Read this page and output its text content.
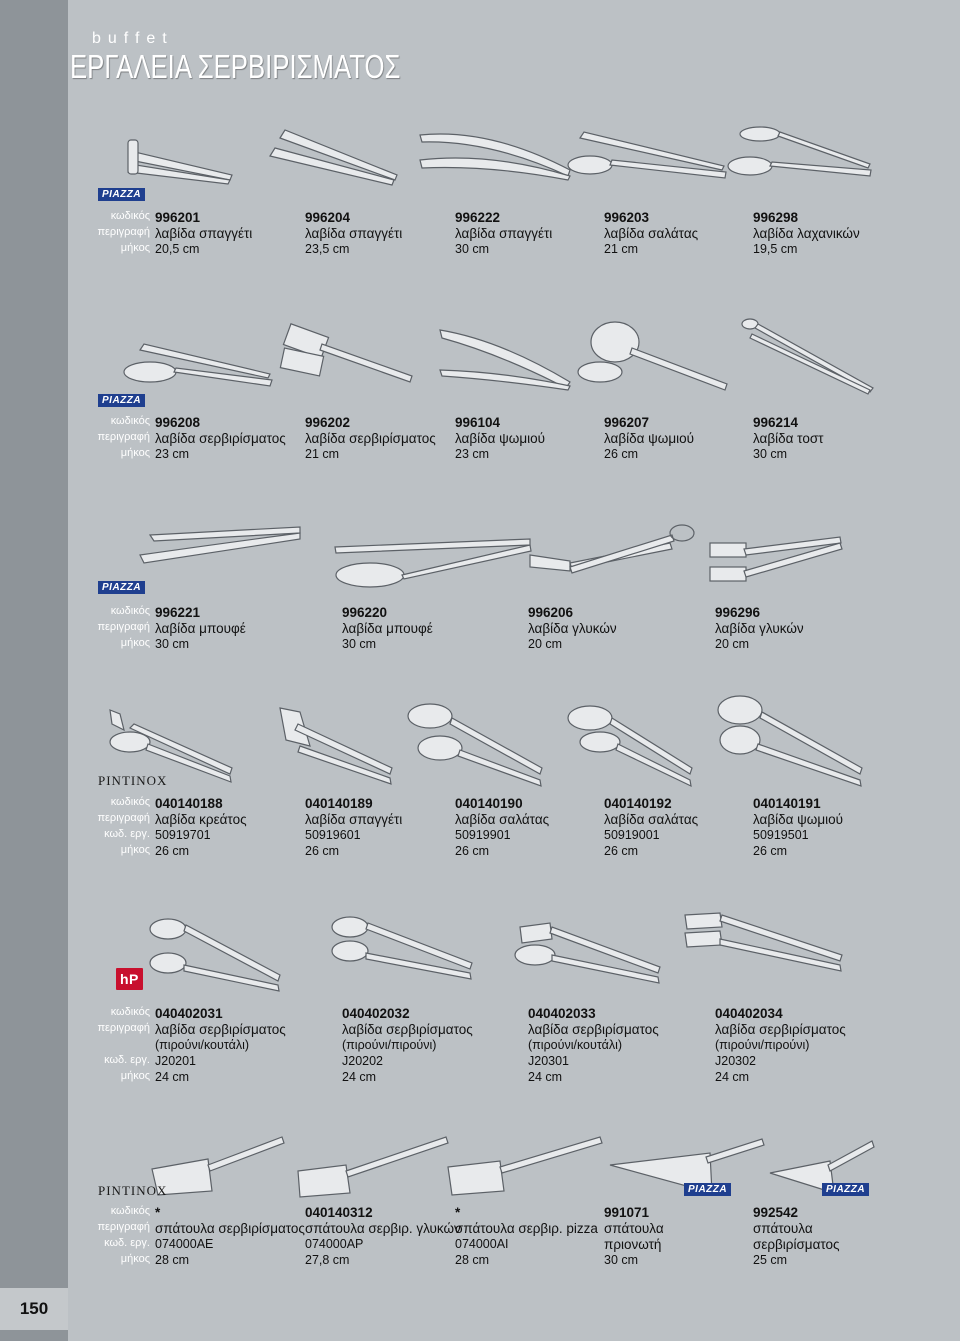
150
buffet
ΕΡΓΑΛΕΙΑ ΣΕΡΒΙΡΙΣΜΑΤΟΣ
PIAZZA
κωδικός
περιγραφή
μήκος
996201
λαβίδα σπαγγέτι
20,5 cm
996204
λαβίδα σπαγγέτι
23,5 cm
996222
λαβίδα σπαγγέτι
30 cm
996203
λαβίδα σαλάτας
21 cm
996298
λαβίδα λαχανικών
19,5 cm
PIAZZA
κωδικός
περιγραφή
μήκος
996208
λαβίδα σερβιρίσματος
23 cm
996202
λαβίδα σερβιρίσματος
21 cm
996104
λαβίδα ψωμιού
23 cm
996207
λαβίδα ψωμιού
26 cm
996214
λαβίδα τοστ
30 cm
PIAZZA
κωδικός
περιγραφή
μήκος
996221
λαβίδα μπουφέ
30 cm
996220
λαβίδα μπουφέ
30 cm
996206
λαβίδα γλυκών
20 cm
996296
λαβίδα γλυκών
20 cm
PINTINOX
κωδικός
περιγραφή
κωδ. εργ.
μήκος
040140188
λαβίδα κρεάτος
50919701
26 cm
040140189
λαβίδα σπαγγέτι
50919601
26 cm
040140190
λαβίδα σαλάτας
50919901
26 cm
040140192
λαβίδα σαλάτας
50919001
26 cm
040140191
λαβίδα ψωμιού
50919501
26 cm
hP
κωδικός
περιγραφή
κωδ. εργ.
μήκος
040402031
λαβίδα σερβιρίσματος
(πιρούνι/κουτάλι)
J20201
24 cm
040402032
λαβίδα σερβιρίσματος
(πιρούνι/πιρούνι)
J20202
24 cm
040402033
λαβίδα σερβιρίσματος
(πιρούνι/κουτάλι)
J20301
24 cm
040402034
λαβίδα σερβιρίσματος
(πιρούνι/πιρούνι)
J20302
24 cm
PINTINOX	PIAZZA	PIAZZA
κωδικός
περιγραφή
κωδ. εργ.
μήκος
*
σπάτουλα σερβιρίσματος
074000AE
28 cm
040140312
σπάτουλα σερβιρ. γλυκών
074000AP
27,8 cm
*
σπάτουλα σερβιρ. pizza
074000AI
28 cm
991071
σπάτουλα
πριονωτή
30 cm
992542
σπάτουλα
σερβιρίσματος
25 cm
